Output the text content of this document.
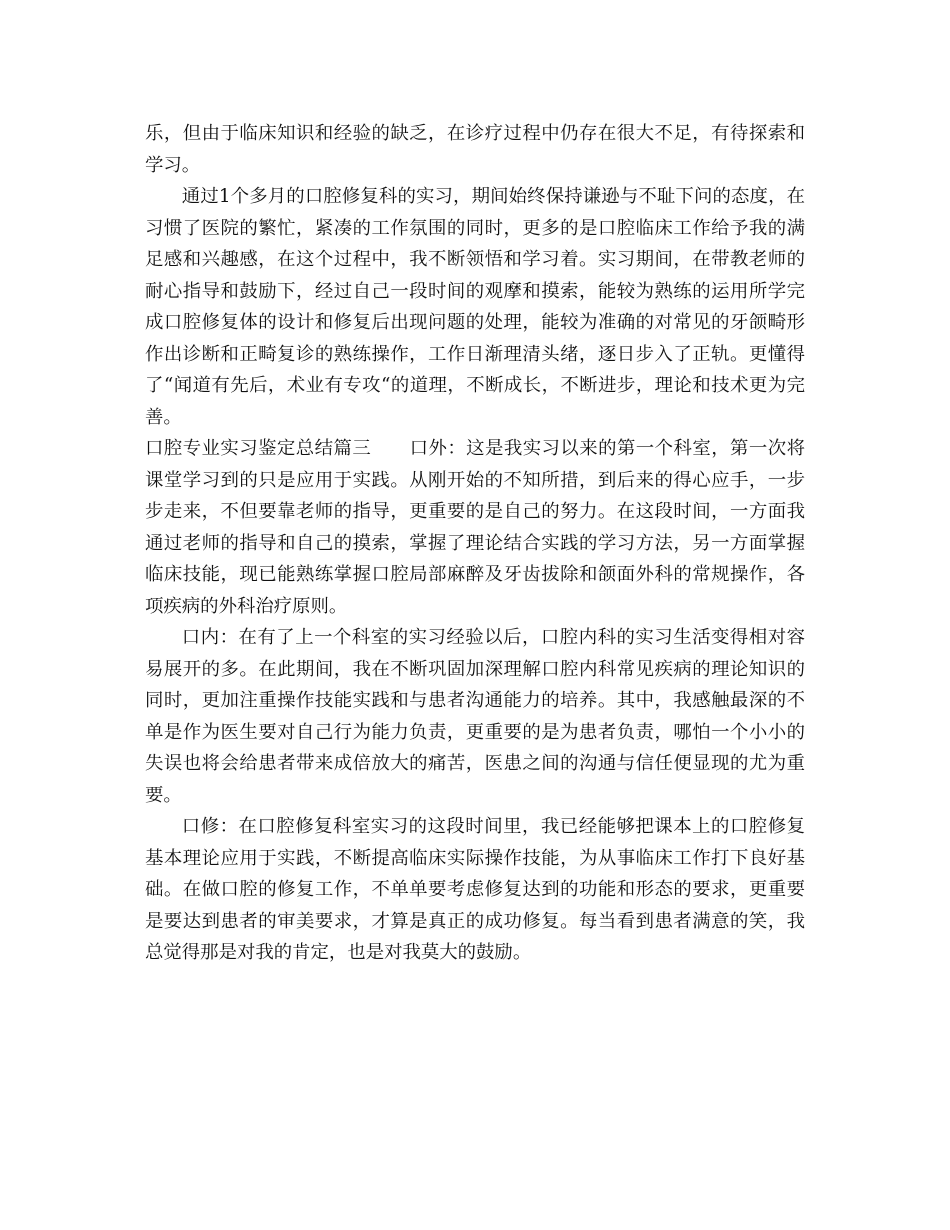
乐，但由于临床知识和经验的缺乏，在诊疗过程中仍存在很大不足，有待探索和学习。

通过1个多月的口腔修复科的实习，期间始终保持谦逊与不耻下问的态度，在习惯了医院的繁忙，紧凑的工作氛围的同时，更多的是口腔临床工作给予我的满足感和兴趣感，在这个过程中，我不断领悟和学习着。实习期间，在带教老师的耐心指导和鼓励下，经过自己一段时间的观摩和摸索，能较为熟练的运用所学完成口腔修复体的设计和修复后出现问题的处理，能较为准确的对常见的牙颌畸形作出诊断和正畸复诊的熟练操作，工作日渐理清头绪，逐日步入了正轨。更懂得了“闻道有先后，术业有专攻“的道理，不断成长，不断进步，理论和技术更为完善。

口腔专业实习鉴定总结篇三 口外：这是我实习以来的第一个科室，第一次将课堂学习到的只是应用于实践。从刚开始的不知所措，到后来的得心应手，一步步走来，不但要靠老师的指导，更重要的是自己的努力。在这段时间，一方面我通过老师的指导和自己的摸索，掌握了理论结合实践的学习方法，另一方面掌握临床技能，现已能熟练掌握口腔局部麻醉及牙齿拔除和颌面外科的常规操作，各项疾病的外科治疗原则。

口内：在有了上一个科室的实习经验以后，口腔内科的实习生活变得相对容易展开的多。在此期间，我在不断巩固加深理解口腔内科常见疾病的理论知识的同时，更加注重操作技能实践和与患者沟通能力的培养。其中，我感触最深的不单是作为医生要对自己行为能力负责，更重要的是为患者负责，哪怕一个小小的失误也将会给患者带来成倍放大的痛苦，医患之间的沟通与信任便显现的尤为重要。

口修：在口腔修复科室实习的这段时间里，我已经能够把课本上的口腔修复基本理论应用于实践，不断提高临床实际操作技能，为从事临床工作打下良好基础。在做口腔的修复工作，不单单要考虑修复达到的功能和形态的要求，更重要是要达到患者的审美要求，才算是真正的成功修复。每当看到患者满意的笑，我总觉得那是对我的肯定，也是对我莫大的鼓励。
